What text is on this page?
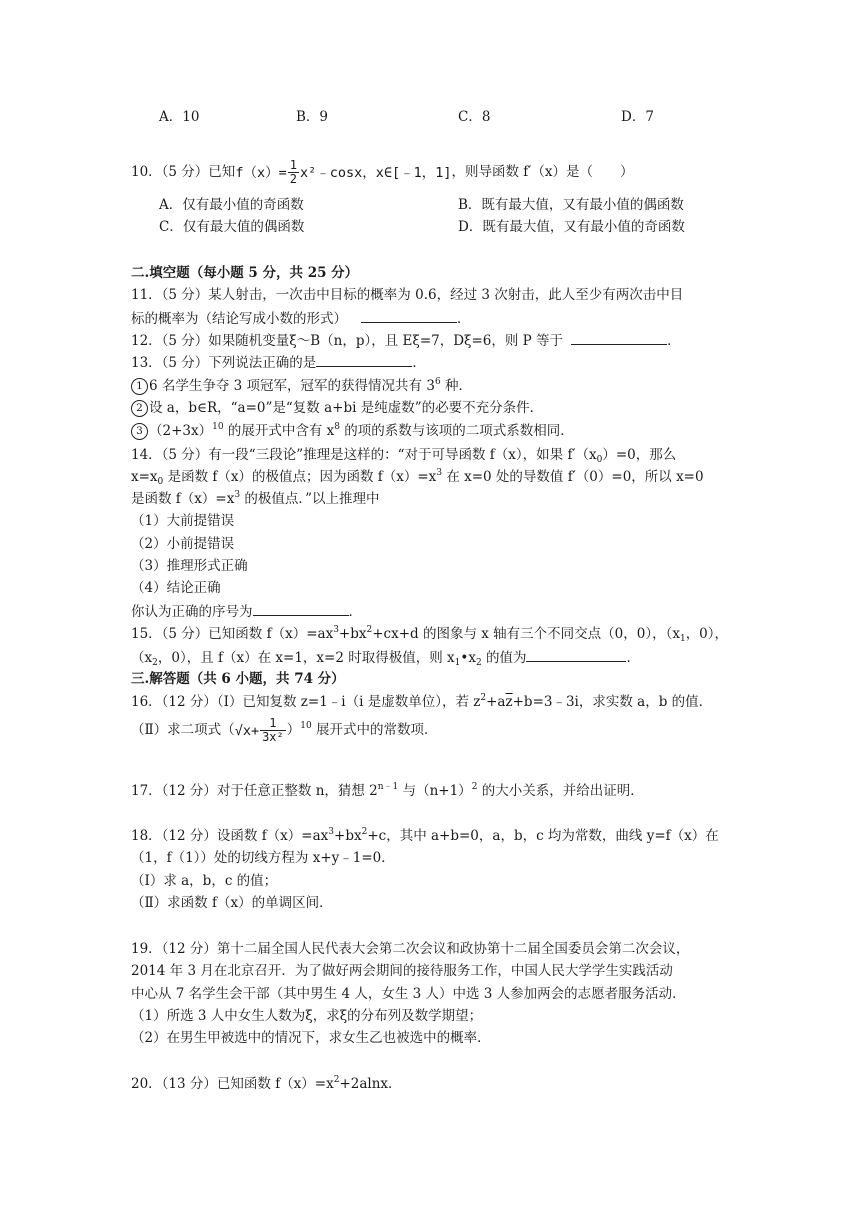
A．10	B．9	C．8	D．7
10．（5 分）已知$f(x)= \frac{1}{2}$ x²﹣cosx，x∈[﹣1，1]，则导函数 f′（x）是（　　）
A．仅有最小值的奇函数	B．既有最大值，又有最小值的偶函数
C．仅有最大值的偶函数	D．既有最大值，又有最小值的奇函数
二.填空题（每小题 5 分，共 25 分）
11．（5 分）某人射击，一次击中目标的概率为 0.6，经过 3 次射击，此人至少有两次击中目
标的概率为（结论写成小数的形式）	．
12．（5 分）如果随机变量ξ～B（n，p），且 Eξ=7，Dξ=6，则 P 等于	．
13．（5 分）下列说法正确的是	．
1 6 名学生争夺 3 项冠军，冠军的获得情况共有 $3^6$ 种．
2 设 a，b∈R，“a=0”是“复数 a+bi 是纯虚数”的必要不充分条件．
3 $(2+3x)^{10}$ 的展开式中含有 $x^8$ 的项的系数与该项的二项式系数相同．
14．（5 分）有一段“三段论”推理是这样的：“对于可导函数 f（x），如果 $f'(x_0)=0$，那么
$x=x_0$ 是函数 f（x）的极值点；因为函数 $f(x)=x^3$ 在 x=0 处的导数值 f′（0）=0，所以 x=0
是函数 $f(x)=x^3$ 的极值点．”以上推理中
（1）大前提错误
（2）小前提错误
（3）推理形式正确
（4）结论正确
你认为正确的序号为	．
15．（5 分）已知函数 $f(x)=ax^3+bx^2+cx+d$ 的图象与 x 轴有三个不同交点（0，0），（$x_1$，0），
（$x_2$，0），且 f（x）在 x=1，x=2 时取得极值，则 $x_1•x_2$ 的值为	．
三.解答题（共 6 小题，共 74 分）
16．（12 分）（Ⅰ）已知复数 z=1﹣i（i 是虚数单位），若 $z^2+a\overline{z}+b=3﹣3i$，求实数 a，b 的值．
（Ⅱ）求二项式$(√x+ \frac{1}{\text{3x²}} )^{10}$ 展开式中的常数项．
17．（12 分）对于任意正整数 n，猜想 $2^{n﹣1}$ 与$(n+1)^2$ 的大小关系，并给出证明．
18．（12 分）设函数 $f(x)=ax^3+bx^2+c$，其中 a+b=0，a，b，c 均为常数，曲线 y=f（x）在
（1，f（1））处的切线方程为 x+y﹣1=0．
（Ⅰ）求 a，b，c 的值；
（Ⅱ）求函数 f（x）的单调区间．
19．（12 分）第十二届全国人民代表大会第二次会议和政协第十二届全国委员会第二次会议，
2014 年 3 月在北京召开．为了做好两会期间的接待服务工作，中国人民大学学生实践活动
中心从 7 名学生会干部（其中男生 4 人，女生 3 人）中选 3 人参加两会的志愿者服务活动．
（1）所选 3 人中女生人数为ξ，求ξ的分布列及数学期望；
（2）在男生甲被选中的情况下，求女生乙也被选中的概率．
20．（13 分）已知函数 $f(x)=x^2+2alnx$．
